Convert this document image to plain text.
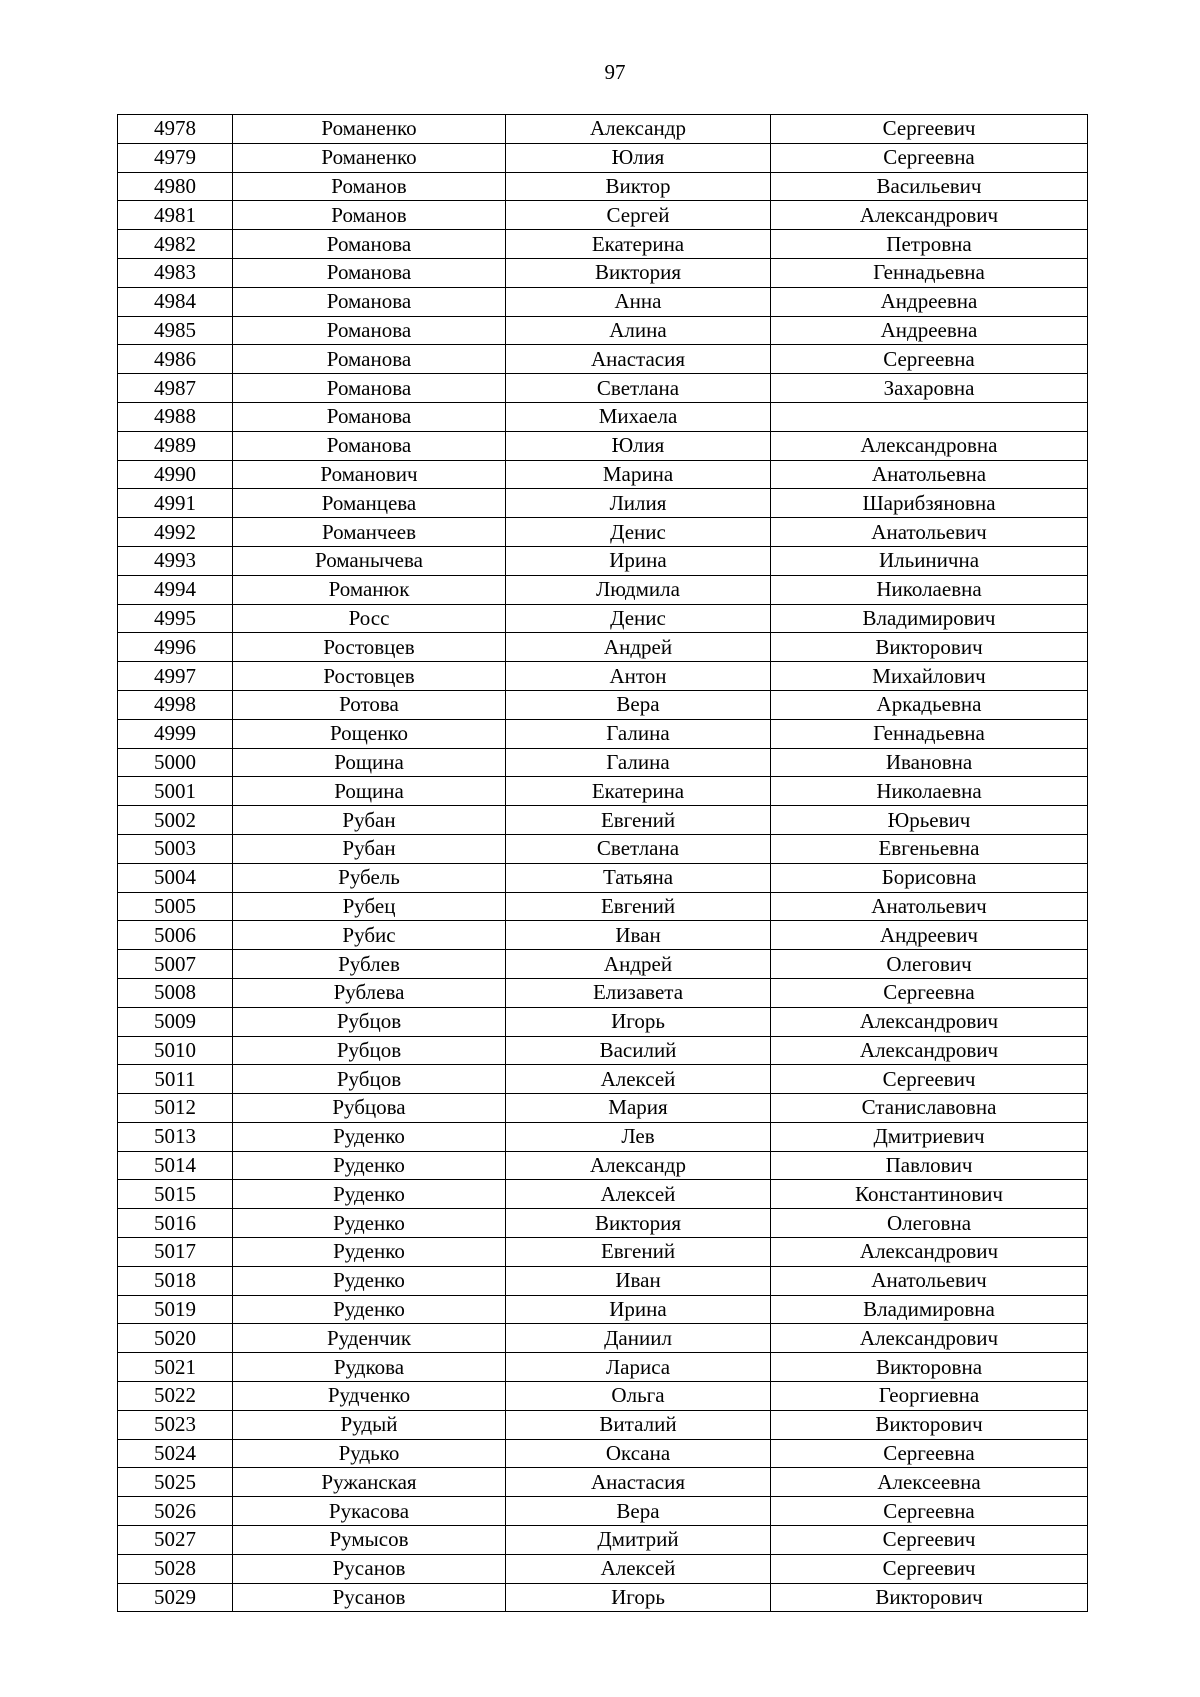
97
4978	Романенко	Александр	Сергеевич
4979	Романенко	Юлия	Сергеевна
4980	Романов	Виктор	Васильевич
4981	Романов	Сергей	Александрович
4982	Романова	Екатерина	Петровна
4983	Романова	Виктория	Геннадьевна
4984	Романова	Анна	Андреевна
4985	Романова	Алина	Андреевна
4986	Романова	Анастасия	Сергеевна
4987	Романова	Светлана	Захаровна
4988	Романова	Михаела	
4989	Романова	Юлия	Александровна
4990	Романович	Марина	Анатольевна
4991	Романцева	Лилия	Шарибзяновна
4992	Романчеев	Денис	Анатольевич
4993	Романычева	Ирина	Ильинична
4994	Романюк	Людмила	Николаевна
4995	Росс	Денис	Владимирович
4996	Ростовцев	Андрей	Викторович
4997	Ростовцев	Антон	Михайлович
4998	Ротова	Вера	Аркадьевна
4999	Рощенко	Галина	Геннадьевна
5000	Рощина	Галина	Ивановна
5001	Рощина	Екатерина	Николаевна
5002	Рубан	Евгений	Юрьевич
5003	Рубан	Светлана	Евгеньевна
5004	Рубель	Татьяна	Борисовна
5005	Рубец	Евгений	Анатольевич
5006	Рубис	Иван	Андреевич
5007	Рублев	Андрей	Олегович
5008	Рублева	Елизавета	Сергеевна
5009	Рубцов	Игорь	Александрович
5010	Рубцов	Василий	Александрович
5011	Рубцов	Алексей	Сергеевич
5012	Рубцова	Мария	Станиславовна
5013	Руденко	Лев	Дмитриевич
5014	Руденко	Александр	Павлович
5015	Руденко	Алексей	Константинович
5016	Руденко	Виктория	Олеговна
5017	Руденко	Евгений	Александрович
5018	Руденко	Иван	Анатольевич
5019	Руденко	Ирина	Владимировна
5020	Руденчик	Даниил	Александрович
5021	Рудкова	Лариса	Викторовна
5022	Рудченко	Ольга	Георгиевна
5023	Рудый	Виталий	Викторович
5024	Рудько	Оксана	Сергеевна
5025	Ружанская	Анастасия	Алексеевна
5026	Рукасова	Вера	Сергеевна
5027	Румысов	Дмитрий	Сергеевич
5028	Русанов	Алексей	Сергеевич
5029	Русанов	Игорь	Викторович
